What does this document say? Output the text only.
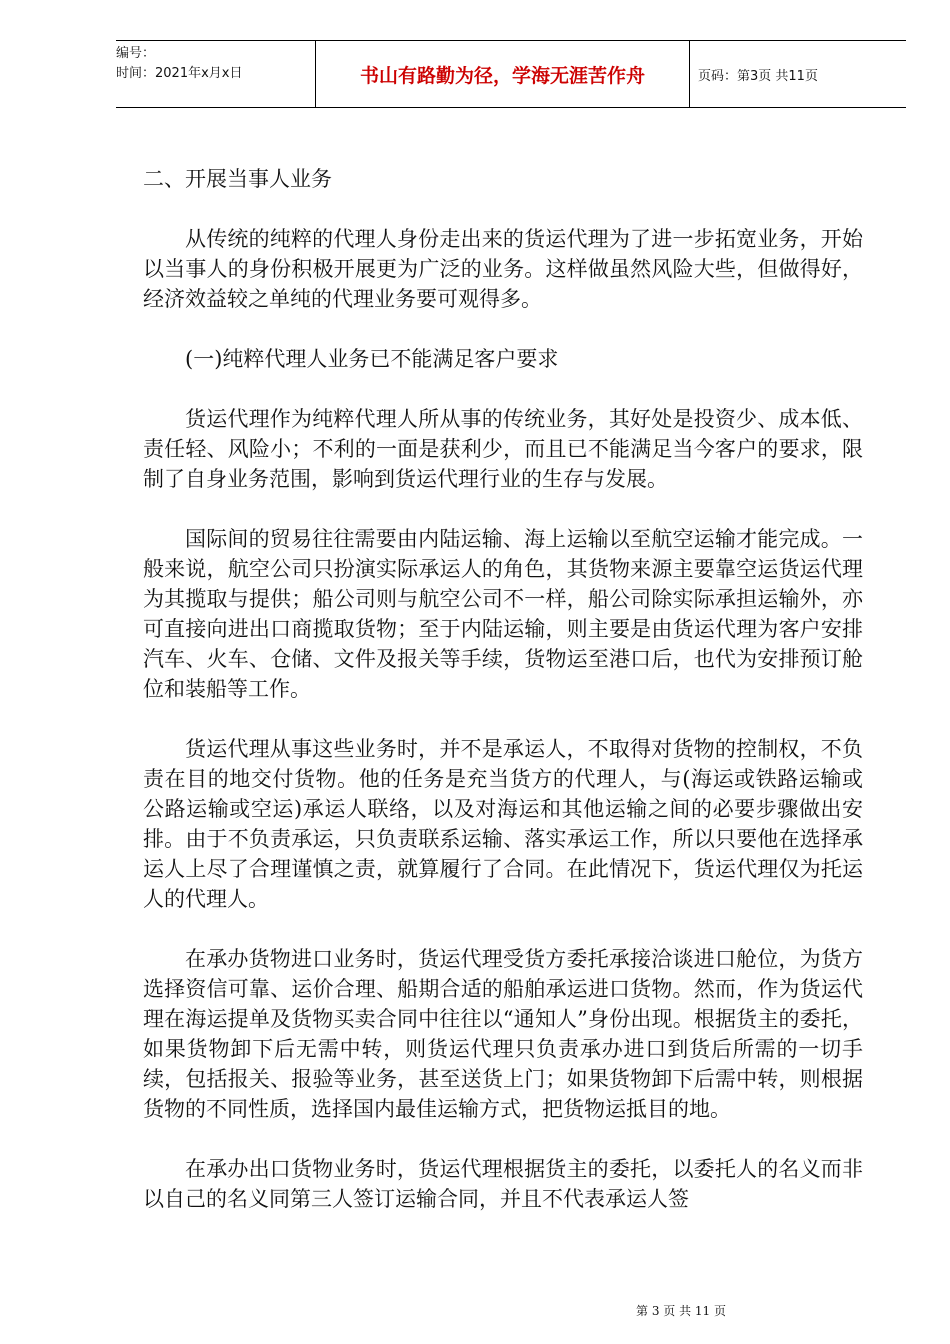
编号：
时间：2021年x月x日	书山有路勤为径，学海无涯苦作舟	页码：第3页 共11页

二、开展当事人业务

从传统的纯粹的代理人身份走出来的货运代理为了进一步拓宽业务，开始以当事人的身份积极开展更为广泛的业务。这样做虽然风险大些，但做得好，经济效益较之单纯的代理业务要可观得多。

(一)纯粹代理人业务已不能满足客户要求

货运代理作为纯粹代理人所从事的传统业务，其好处是投资少、成本低、责任轻、风险小；不利的一面是获利少，而且已不能满足当今客户的要求，限制了自身业务范围，影响到货运代理行业的生存与发展。

国际间的贸易往往需要由内陆运输、海上运输以至航空运输才能完成。一般来说，航空公司只扮演实际承运人的角色，其货物来源主要靠空运货运代理为其揽取与提供；船公司则与航空公司不一样，船公司除实际承担运输外，亦可直接向进出口商揽取货物；至于内陆运输，则主要是由货运代理为客户安排汽车、火车、仓储、文件及报关等手续，货物运至港口后，也代为安排预订舱位和装船等工作。

货运代理从事这些业务时，并不是承运人，不取得对货物的控制权，不负责在目的地交付货物。他的任务是充当货方的代理人，与(海运或铁路运输或公路运输或空运)承运人联络，以及对海运和其他运输之间的必要步骤做出安排。由于不负责承运，只负责联系运输、落实承运工作，所以只要他在选择承运人上尽了合理谨慎之责，就算履行了合同。在此情况下，货运代理仅为托运人的代理人。

在承办货物进口业务时，货运代理受货方委托承接洽谈进口舱位，为货方选择资信可靠、运价合理、船期合适的船舶承运进口货物。然而，作为货运代理在海运提单及货物买卖合同中往往以“通知人”身份出现。根据货主的委托，如果货物卸下后无需中转，则货运代理只负责承办进口到货后所需的一切手续，包括报关、报验等业务，甚至送货上门；如果货物卸下后需中转，则根据货物的不同性质，选择国内最佳运输方式，把货物运抵目的地。

在承办出口货物业务时，货运代理根据货主的委托，以委托人的名义而非以自己的名义同第三人签订运输合同，并且不代表承运人签

第 3 页 共 11 页
